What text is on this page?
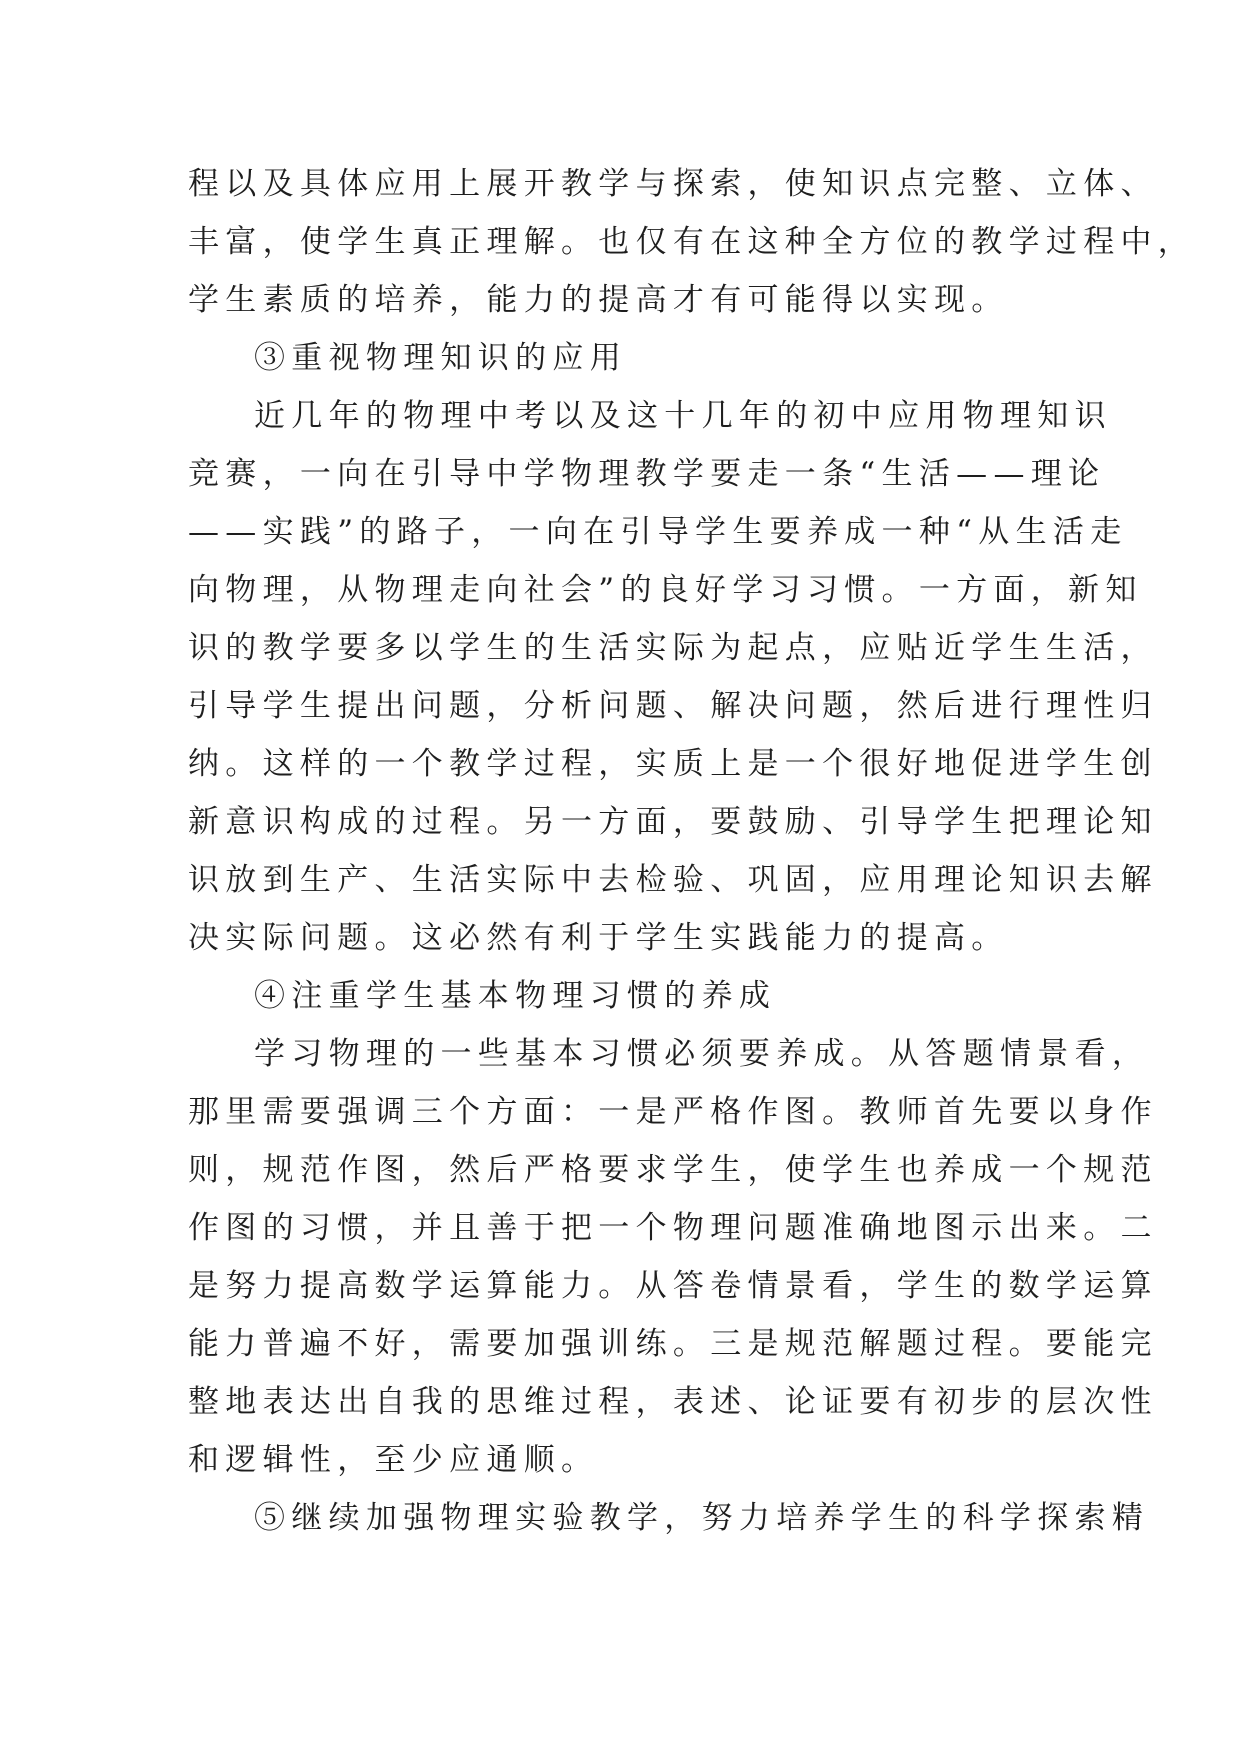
程以及具体应用上展开教学与探索，使知识点完整、立体、
丰富，使学生真正理解。也仅有在这种全方位的教学过程中，
学生素质的培养，能力的提高才有可能得以实现。
③重视物理知识的应用
近几年的物理中考以及这十几年的初中应用物理知识
竞赛，一向在引导中学物理教学要走一条“生活——理论
——实践”的路子，一向在引导学生要养成一种“从生活走
向物理，从物理走向社会”的良好学习习惯。一方面，新知
识的教学要多以学生的生活实际为起点，应贴近学生生活，
引导学生提出问题，分析问题、解决问题，然后进行理性归
纳。这样的一个教学过程，实质上是一个很好地促进学生创
新意识构成的过程。另一方面，要鼓励、引导学生把理论知
识放到生产、生活实际中去检验、巩固，应用理论知识去解
决实际问题。这必然有利于学生实践能力的提高。
④注重学生基本物理习惯的养成
学习物理的一些基本习惯必须要养成。从答题情景看，
那里需要强调三个方面：一是严格作图。教师首先要以身作
则，规范作图，然后严格要求学生，使学生也养成一个规范
作图的习惯，并且善于把一个物理问题准确地图示出来。二
是努力提高数学运算能力。从答卷情景看，学生的数学运算
能力普遍不好，需要加强训练。三是规范解题过程。要能完
整地表达出自我的思维过程，表述、论证要有初步的层次性
和逻辑性，至少应通顺。
⑤继续加强物理实验教学，努力培养学生的科学探索精
